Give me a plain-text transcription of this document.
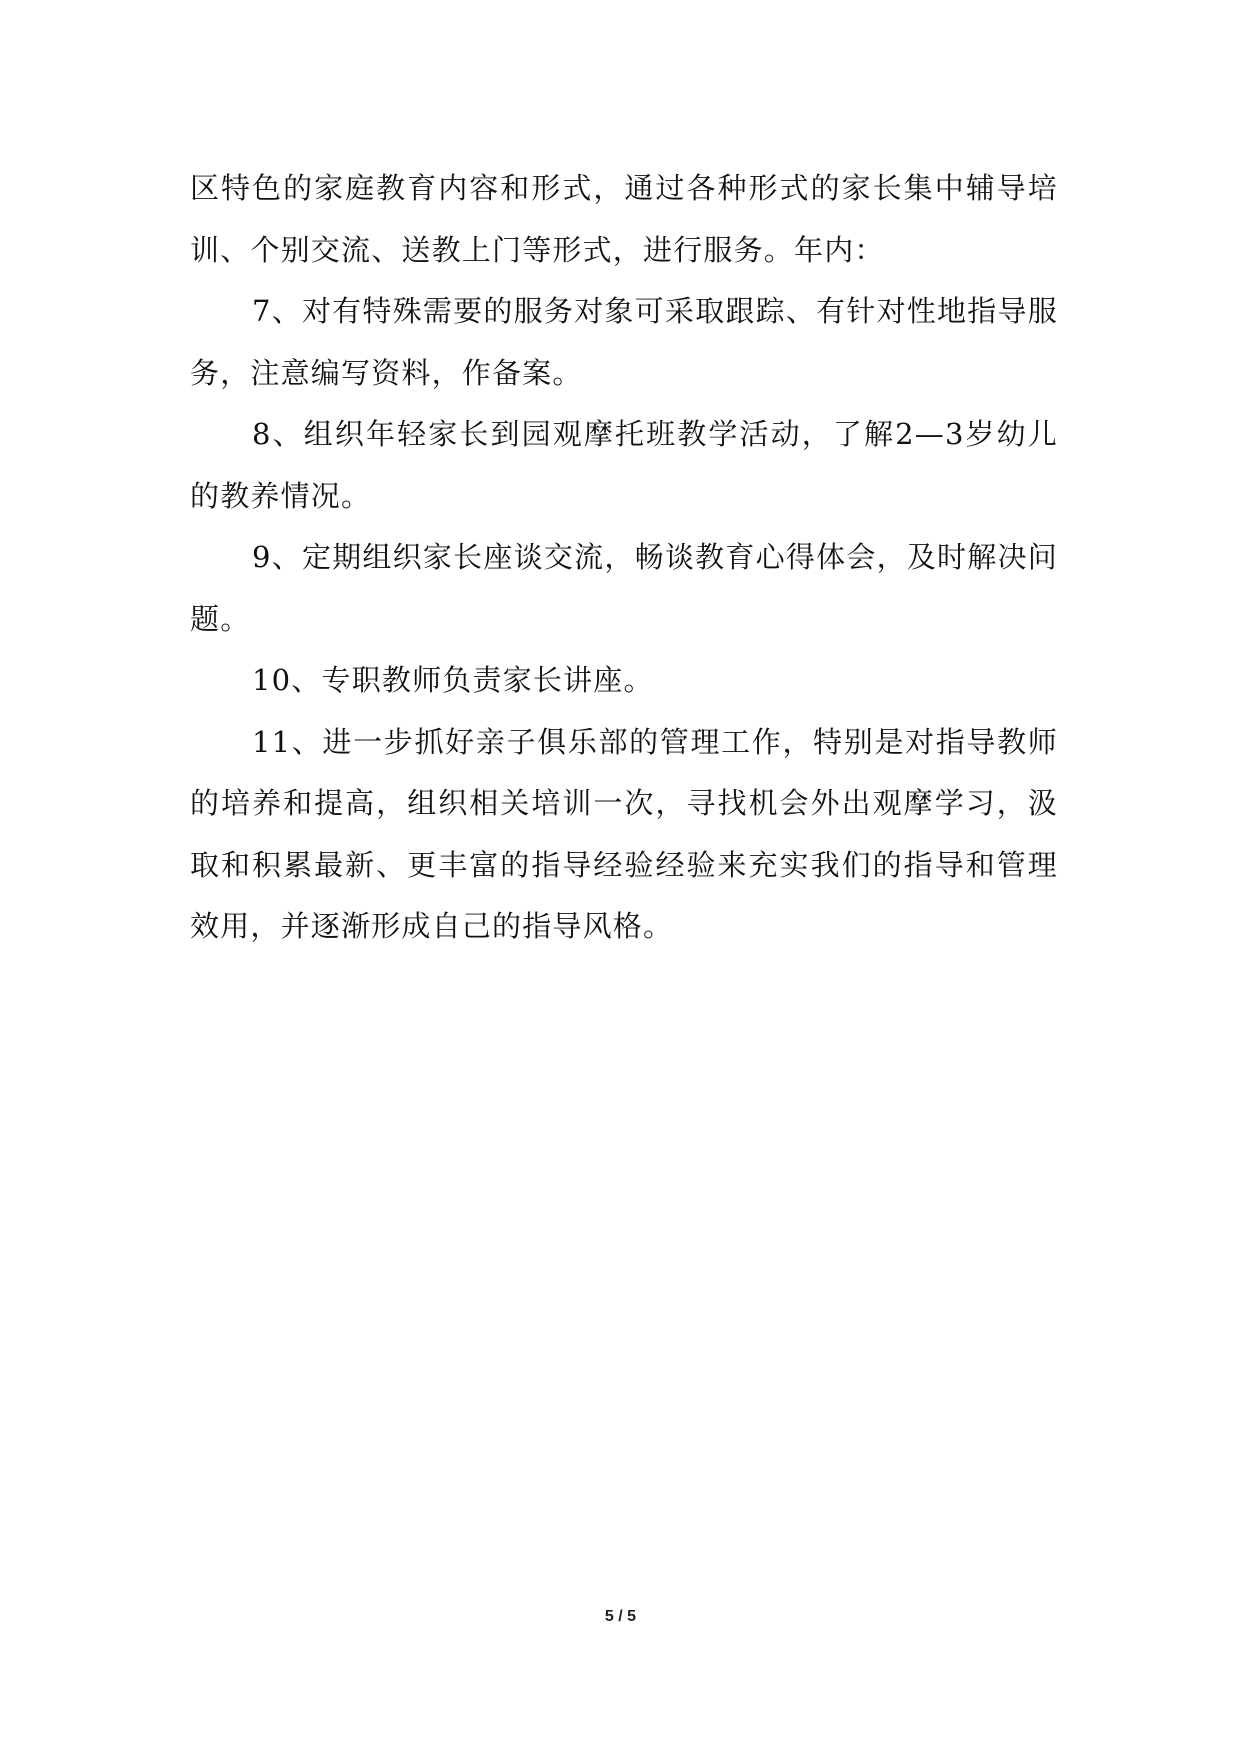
区特色的家庭教育内容和形式，通过各种形式的家长集中辅导培训、个别交流、送教上门等形式，进行服务。年内：

7、对有特殊需要的服务对象可采取跟踪、有针对性地指导服务，注意编写资料，作备案。

8、组织年轻家长到园观摩托班教学活动，了解2—3岁幼儿的教养情况。

9、定期组织家长座谈交流，畅谈教育心得体会，及时解决问题。

10、专职教师负责家长讲座。

11、进一步抓好亲子俱乐部的管理工作，特别是对指导教师的培养和提高，组织相关培训一次，寻找机会外出观摩学习，汲取和积累最新、更丰富的指导经验经验来充实我们的指导和管理效用，并逐渐形成自己的指导风格。

5 / 5
